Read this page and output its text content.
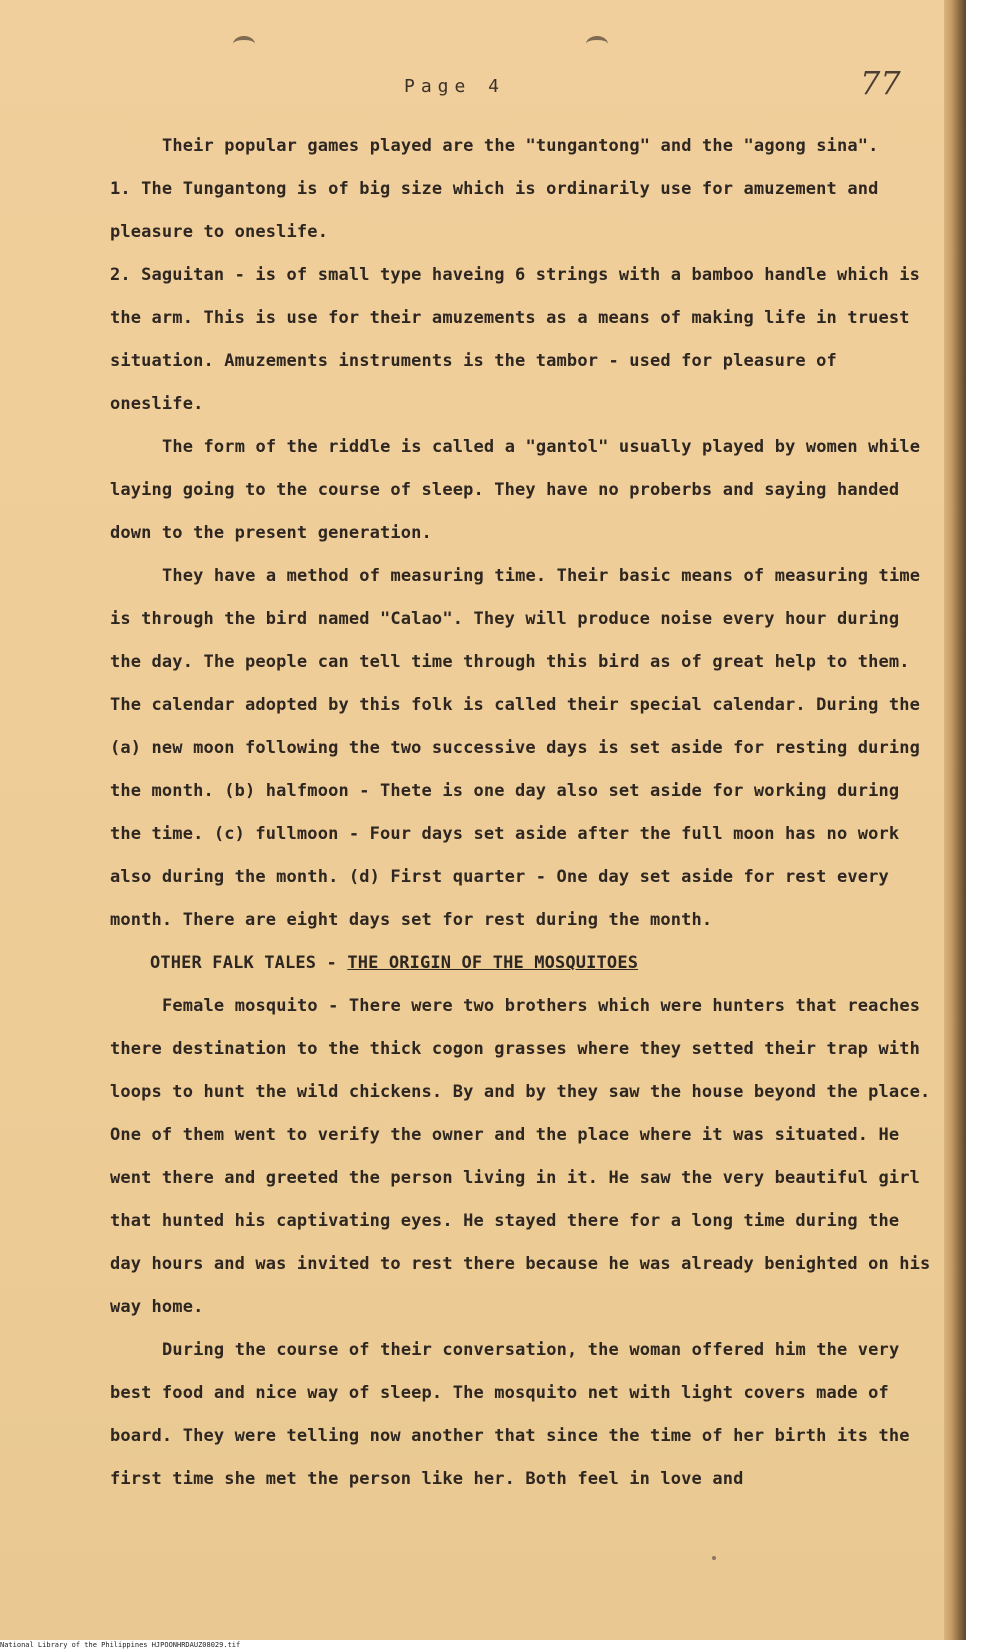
Page 4	77

Their popular games played are the "tungantong" and the "agong sina".

1. The Tungantong is of big size which is ordinarily use for amuzement and pleasure to oneslife.

2. Saguitan - is of small type haveing 6 strings with a bamboo handle which is the arm. This is use for their amuzements as a means of making life in truest situation. Amuzements instruments is the tambor - used for pleasure of oneslife.

The form of the riddle is called a "gantol" usually played by women while laying going to the course of sleep. They have no proberbs and saying handed down to the present generation.

They have a method of measuring time. Their basic means of measuring time is through the bird named "Calao". They will produce noise every hour during the day. The people can tell time through this bird as of great help to them. The calendar adopted by this folk is called their special calendar. During the (a) new moon following the two successive days is set aside for resting during the month. (b) halfmoon - Thete is one day also set aside for working during the time. (c) fullmoon - Four days set aside after the full moon has no work also during the month. (d) First quarter - One day set aside for rest every month. There are eight days set for rest during the month.

OTHER FALK TALES - THE ORIGIN OF THE MOSQUITOES

Female mosquito - There were two brothers which were hunters that reaches there destination to the thick cogon grasses where they setted their trap with loops to hunt the wild chickens. By and by they saw the house beyond the place. One of them went to verify the owner and the place where it was situated. He went there and greeted the person living in it. He saw the very beautiful girl that hunted his captivating eyes. He stayed there for a long time during the day hours and was invited to rest there because he was already benighted on his way home.

During the course of their conversation, the woman offered him the very best food and nice way of sleep. The mosquito net with light covers made of board. They were telling now another that since the time of her birth its the first time she met the person like her. Both feel in love and

National Library of the Philippines HJPOONHRDAUZ08029.tif
